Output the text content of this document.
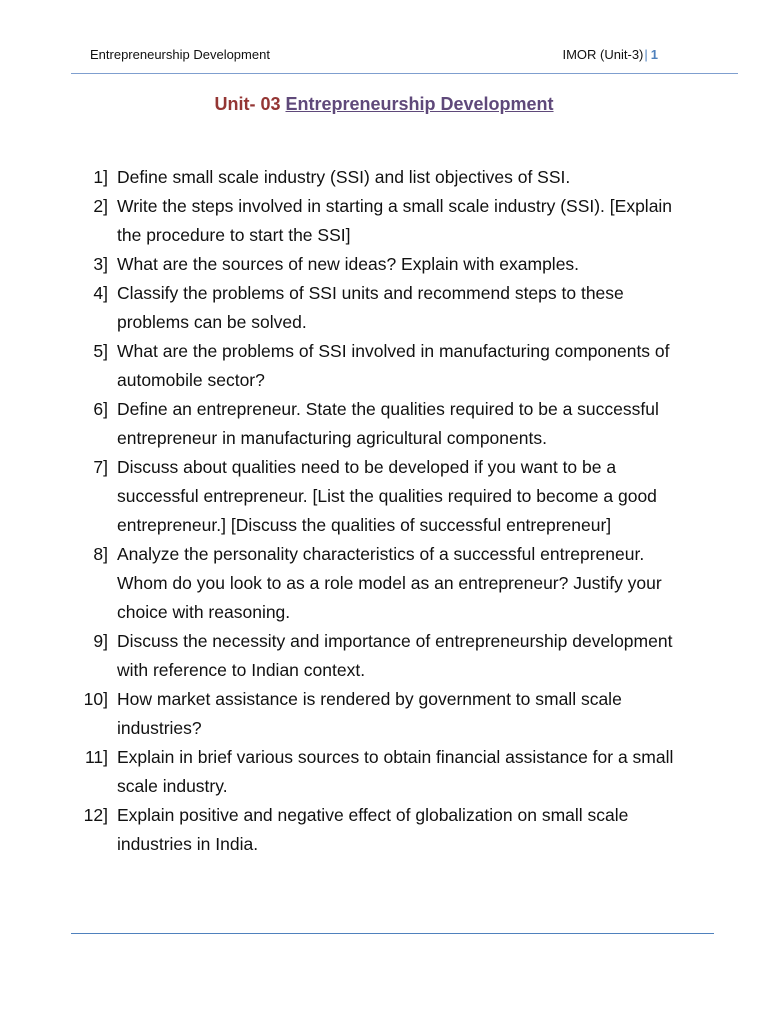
Entrepreneurship Development	IMOR (Unit-3)| 1
Unit- 03 Entrepreneurship Development
1] Define small scale industry (SSI) and list objectives of SSI.
2] Write the steps involved in starting a small scale industry (SSI). [Explain the procedure to start the SSI]
3] What are the sources of new ideas? Explain with examples.
4] Classify the problems of SSI units and recommend steps to these problems can be solved.
5] What are the problems of SSI involved in manufacturing components of automobile sector?
6] Define an entrepreneur. State the qualities required to be a successful entrepreneur in manufacturing agricultural components.
7] Discuss about qualities need to be developed if you want to be a successful entrepreneur. [List the qualities required to become a good entrepreneur.] [Discuss the qualities of successful entrepreneur]
8] Analyze the personality characteristics of a successful entrepreneur. Whom do you look to as a role model as an entrepreneur? Justify your choice with reasoning.
9] Discuss the necessity and importance of entrepreneurship development with reference to Indian context.
10] How market assistance is rendered by government to small scale industries?
11] Explain in brief various sources to obtain financial assistance for a small scale industry.
12] Explain positive and negative effect of globalization on small scale industries in India.
